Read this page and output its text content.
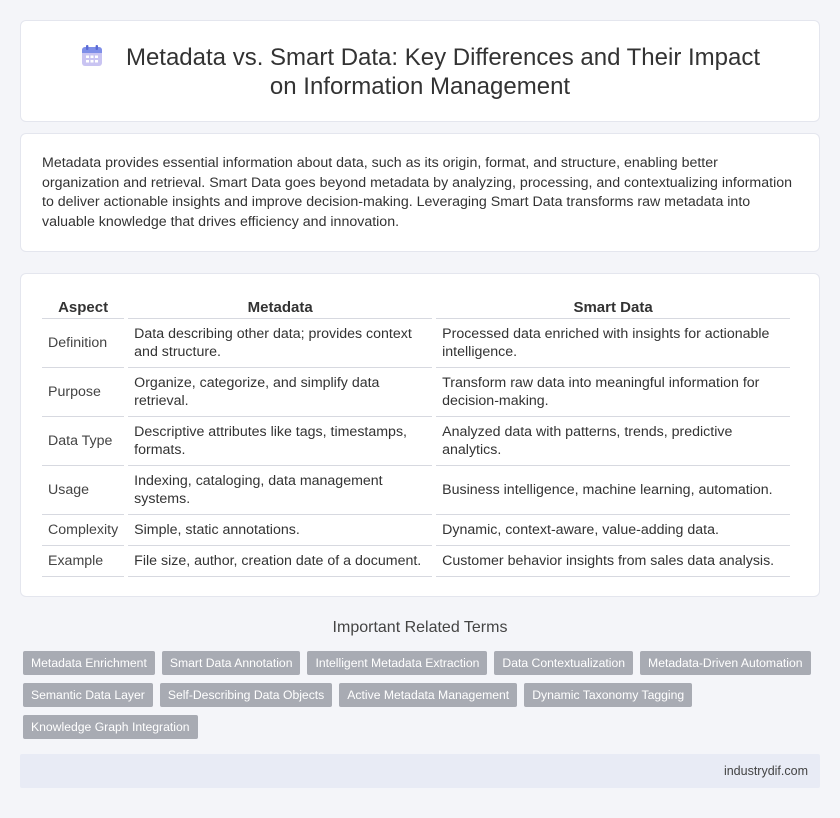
Metadata vs. Smart Data: Key Differences and Their Impact on Information Management

Metadata provides essential information about data, such as its origin, format, and structure, enabling better organization and retrieval. Smart Data goes beyond metadata by analyzing, processing, and contextualizing information to deliver actionable insights and improve decision-making. Leveraging Smart Data transforms raw metadata into valuable knowledge that drives efficiency and innovation.

Aspect	Metadata	Smart Data
Definition	Data describing other data; provides context and structure.	Processed data enriched with insights for actionable intelligence.
Purpose	Organize, categorize, and simplify data retrieval.	Transform raw data into meaningful information for decision-making.
Data Type	Descriptive attributes like tags, timestamps, formats.	Analyzed data with patterns, trends, predictive analytics.
Usage	Indexing, cataloging, data management systems.	Business intelligence, machine learning, automation.
Complexity	Simple, static annotations.	Dynamic, context-aware, value-adding data.
Example	File size, author, creation date of a document.	Customer behavior insights from sales data analysis.
Important Related Terms
Metadata Enrichment	Smart Data Annotation	Intelligent Metadata Extraction	Data Contextualization	Metadata-Driven Automation
Semantic Data Layer	Self-Describing Data Objects	Active Metadata Management	Dynamic Taxonomy Tagging
Knowledge Graph Integration
industrydif.com
